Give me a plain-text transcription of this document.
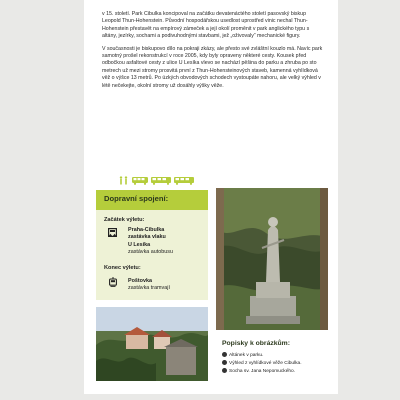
v 15. století. Park Cibulka koncipoval na začátku devatenáctého století pasovský biskup Leopold Thun-Hohenstein. Původní hospodářskou usedlost uprostřed vinic nechal Thun-Hohenstein přestavět na empírový zámeček a její okolí proměnit v park anglického typu s altány, jezírky, sochami a podivuhodnými stavbami, jež „oživovaly“ mechanické figury.

V současnosti je biskupovo dílo na pokraji zkázy, ale přesto své zvláštní kouzlo má. Navíc park samotný prošel rekonstrukcí v roce 2005, kdy byly opraveny některé cesty. Kousek před odbočkou asfaltové cesty z ulice U Lesíka vlevo se nachází pěšina do parku a zhruba po sto metrech už mezi stromy prosvitá první z Thun-Hohensteinových staveb, kamenná vyhlídková věž o výšce 13 metrů. Po úzkých obvodových schodech vystoupáte nahoru, ale velký výhled v létě nečekejte, okolní stromy už dosáhly výšky věže.

Dopravní spojení:
Začátek výletu:
Praha-Cibulka
zastávka vlaku
U Lesíka
zastávka autobusu
Konec výletu:
Poštovka
zastávka tramvají
Popisky k obrázkům:
Altánek v parku.
Výhled z vyhlídkové věže Cibulka.
Socha sv. Jana Nepomuckého.
